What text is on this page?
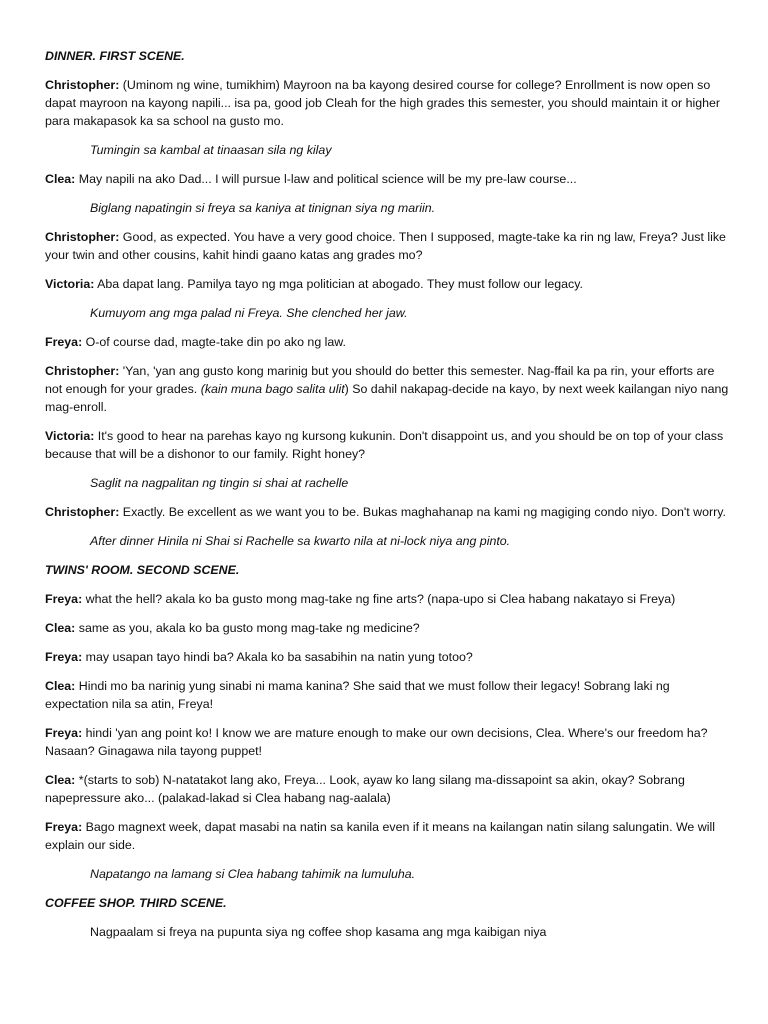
DINNER. FIRST SCENE.
Christopher: (Uminom ng wine, tumikhim) Mayroon na ba kayong desired course for college? Enrollment is now open so dapat mayroon na kayong napili... isa pa, good job Cleah for the high grades this semester, you should maintain it or higher para makapasok ka sa school na gusto mo.
Tumingin sa kambal at tinaasan sila ng kilay
Clea: May napili na ako Dad... I will pursue l-law and political science will be my pre-law course...
Biglang napatingin si freya sa kaniya at tinignan siya ng mariin.
Christopher: Good, as expected. You have a very good choice. Then I supposed, magte-take ka rin ng law, Freya? Just like your twin and other cousins, kahit hindi gaano katas ang grades mo?
Victoria: Aba dapat lang. Pamilya tayo ng mga politician at abogado. They must follow our legacy.
Kumuyom ang mga palad ni Freya. She clenched her jaw.
Freya: O-of course dad, magte-take din po ako ng law.
Christopher: 'Yan, 'yan ang gusto kong marinig but you should do better this semester. Nag-ffail ka pa rin, your efforts are not enough for your grades. (kain muna bago salita ulit) So dahil nakapag-decide na kayo, by next week kailangan niyo nang mag-enroll.
Victoria: It's good to hear na parehas kayo ng kursong kukunin. Don't disappoint us, and you should be on top of your class because that will be a dishonor to our family. Right honey?
Saglit na nagpalitan ng tingin si shai at rachelle
Christopher: Exactly. Be excellent as we want you to be. Bukas maghahanap na kami ng magiging condo niyo. Don't worry.
After dinner Hinila ni Shai si Rachelle sa kwarto nila at ni-lock niya ang pinto.
TWINS' ROOM. SECOND SCENE.
Freya: what the hell? akala ko ba gusto mong mag-take ng fine arts? (napa-upo si Clea habang nakatayo si Freya)
Clea: same as you, akala ko ba gusto mong mag-take ng medicine?
Freya: may usapan tayo hindi ba? Akala ko ba sasabihin na natin yung totoo?
Clea: Hindi mo ba narinig yung sinabi ni mama kanina? She said that we must follow their legacy! Sobrang laki ng expectation nila sa atin, Freya!
Freya: hindi 'yan ang point ko! I know we are mature enough to make our own decisions, Clea. Where's our freedom ha? Nasaan? Ginagawa nila tayong puppet!
Clea: *(starts to sob) N-natatakot lang ako, Freya... Look, ayaw ko lang silang ma-dissapoint sa akin, okay? Sobrang napepressure ako... (palakad-lakad si Clea habang nag-aalala)
Freya: Bago magnext week, dapat masabi na natin sa kanila even if it means na kailangan natin silang salungatin. We will explain our side.
Napatango na lamang si Clea habang tahimik na lumuluha.
COFFEE SHOP. THIRD SCENE.
Nagpaalam si freya na pupunta siya ng coffee shop kasama ang mga kaibigan niya
